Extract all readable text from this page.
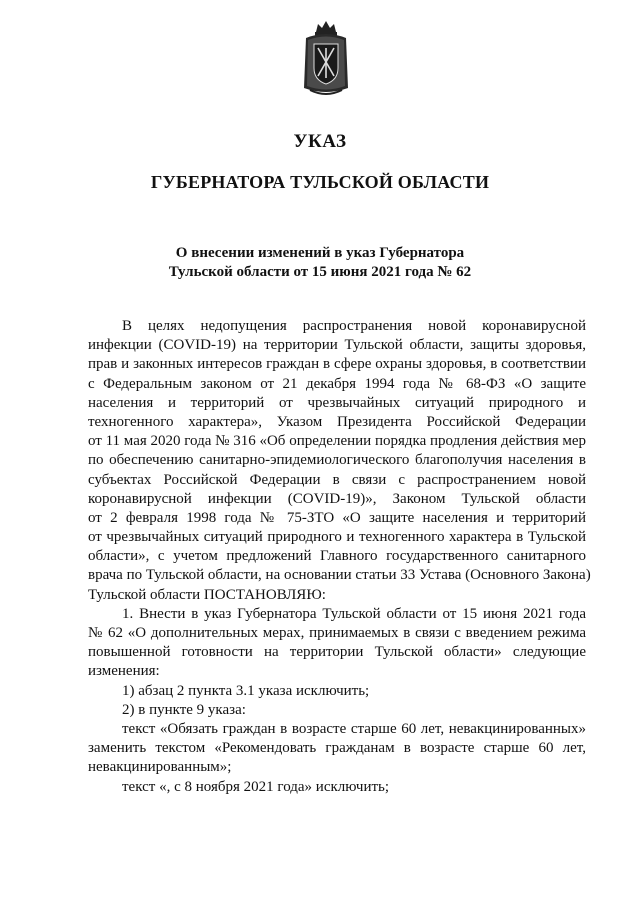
УКАЗ
ГУБЕРНАТОРА ТУЛЬСКОЙ ОБЛАСТИ
О внесении изменений в указ Губернатора
Тульской области от 15 июня 2021 года № 62
В целях недопущения распространения новой коронавирусной
инфекции (COVID-19) на территории Тульской области, защиты здоровья,
прав и законных интересов граждан в сфере охраны здоровья, в соответствии
с Федеральным законом от 21 декабря 1994 года № 68-ФЗ «О защите
населения и территорий от чрезвычайных ситуаций природного и
техногенного характера», Указом Президента Российской Федерации
от 11 мая 2020 года № 316 «Об определении порядка продления действия мер
по обеспечению санитарно-эпидемиологического благополучия населения в
субъектах Российской Федерации в связи с распространением новой
коронавирусной инфекции (COVID-19)», Законом Тульской области
от 2 февраля 1998 года № 75-ЗТО «О защите населения и территорий
от чрезвычайных ситуаций природного и техногенного характера в Тульской
области», с учетом предложений Главного государственного санитарного
врача по Тульской области, на основании статьи 33 Устава (Основного Закона)
Тульской области ПОСТАНОВЛЯЮ:
1. Внести в указ Губернатора Тульской области от 15 июня 2021 года
№ 62 «О дополнительных мерах, принимаемых в связи с введением режима
повышенной готовности на территории Тульской области» следующие
изменения:
1) абзац 2 пункта 3.1 указа исключить;
2) в пункте 9 указа:
текст «Обязать граждан в возрасте старше 60 лет, невакцинированных»
заменить текстом «Рекомендовать гражданам в возрасте старше 60 лет,
невакцинированным»;
текст «, с 8 ноября 2021 года» исключить;
